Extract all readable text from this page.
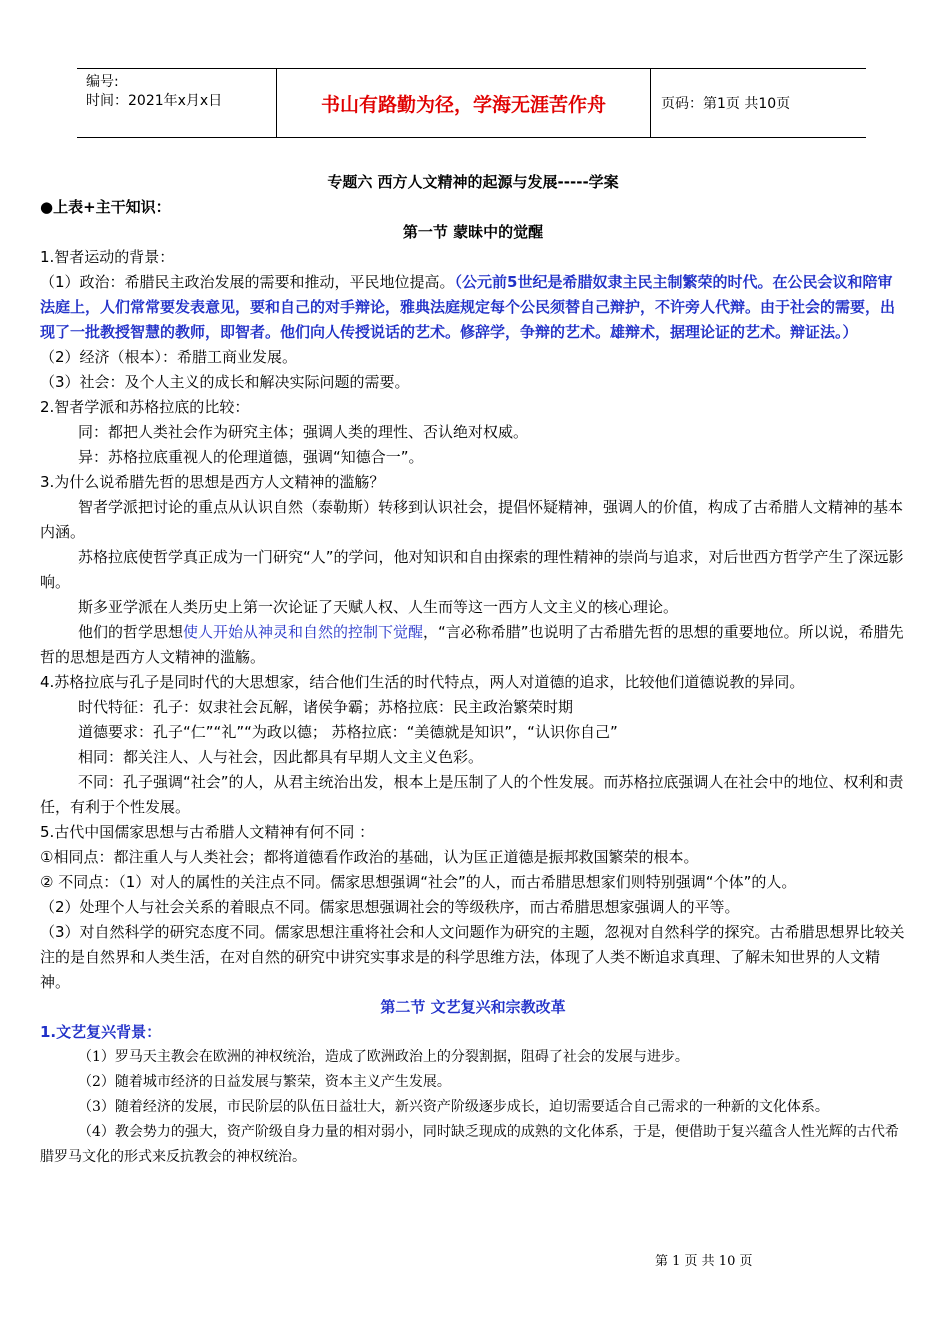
编号:
时间：2021年x月x日	书山有路勤为径，学海无涯苦作舟	页码：第1页 共10页

专题六 西方人文精神的起源与发展-----学案

●上表+主干知识：

第一节 蒙昧中的觉醒

1.智者运动的背景：

（1）政治：希腊民主政治发展的需要和推动，平民地位提高。（公元前5世纪是希腊奴隶主民主制繁荣的时代。在公民会议和陪审法庭上，人们常常要发表意见，要和自己的对手辩论，雅典法庭规定每个公民须替自己辩护，不许旁人代辩。由于社会的需要，出现了一批教授智慧的教师，即智者。他们向人传授说话的艺术。修辞学，争辩的艺术。雄辩术，据理论证的艺术。辩证法。）

（2）经济（根本）：希腊工商业发展。

（3）社会：及个人主义的成长和解决实际问题的需要。

2.智者学派和苏格拉底的比较：

同：都把人类社会作为研究主体；强调人类的理性、否认绝对权威。

异：苏格拉底重视人的伦理道德，强调“知德合一”。

3.为什么说希腊先哲的思想是西方人文精神的滥觞？

智者学派把讨论的重点从认识自然（泰勒斯）转移到认识社会，提倡怀疑精神，强调人的价值，构成了古希腊人文精神的基本内涵。

苏格拉底使哲学真正成为一门研究“人”的学问，他对知识和自由探索的理性精神的崇尚与追求，对后世西方哲学产生了深远影响。

斯多亚学派在人类历史上第一次论证了天赋人权、人生而等这一西方人文主义的核心理论。

他们的哲学思想使人开始从神灵和自然的控制下觉醒，“言必称希腊”也说明了古希腊先哲的思想的重要地位。所以说，希腊先哲的思想是西方人文精神的滥觞。

4.苏格拉底与孔子是同时代的大思想家，结合他们生活的时代特点，两人对道德的追求，比较他们道德说教的异同。

时代特征：孔子：奴隶社会瓦解，诸侯争霸；苏格拉底：民主政治繁荣时期

道德要求：孔子“仁”“礼”“为政以德； 苏格拉底：“美德就是知识”，“认识你自己”

相同：都关注人、人与社会，因此都具有早期人文主义色彩。

不同：孔子强调“社会”的人，从君主统治出发，根本上是压制了人的个性发展。而苏格拉底强调人在社会中的地位、权利和责任，有利于个性发展。

5.古代中国儒家思想与古希腊人文精神有何不同 ：

①相同点：都注重人与人类社会；都将道德看作政治的基础，认为匡正道德是振邦救国繁荣的根本。

② 不同点：（1）对人的属性的关注点不同。儒家思想强调“社会”的人，而古希腊思想家们则特别强调“个体”的人。

（2）处理个人与社会关系的着眼点不同。儒家思想强调社会的等级秩序，而古希腊思想家强调人的平等。

（3）对自然科学的研究态度不同。儒家思想注重将社会和人文问题作为研究的主题，忽视对自然科学的探究。古希腊思想界比较关注的是自然界和人类生活，在对自然的研究中讲究实事求是的科学思维方法，体现了人类不断追求真理、了解未知世界的人文精神。

第二节 文艺复兴和宗教改革

1.文艺复兴背景：

（1）罗马天主教会在欧洲的神权统治，造成了欧洲政治上的分裂割据，阻碍了社会的发展与进步。

（2）随着城市经济的日益发展与繁荣，资本主义产生发展。

（3）随着经济的发展，市民阶层的队伍日益壮大，新兴资产阶级逐步成长，迫切需要适合自己需求的一种新的文化体系。

（4）教会势力的强大，资产阶级自身力量的相对弱小，同时缺乏现成的成熟的文化体系，于是，便借助于复兴蕴含人性光辉的古代希腊罗马文化的形式来反抗教会的神权统治。

第 1 页 共 10 页
